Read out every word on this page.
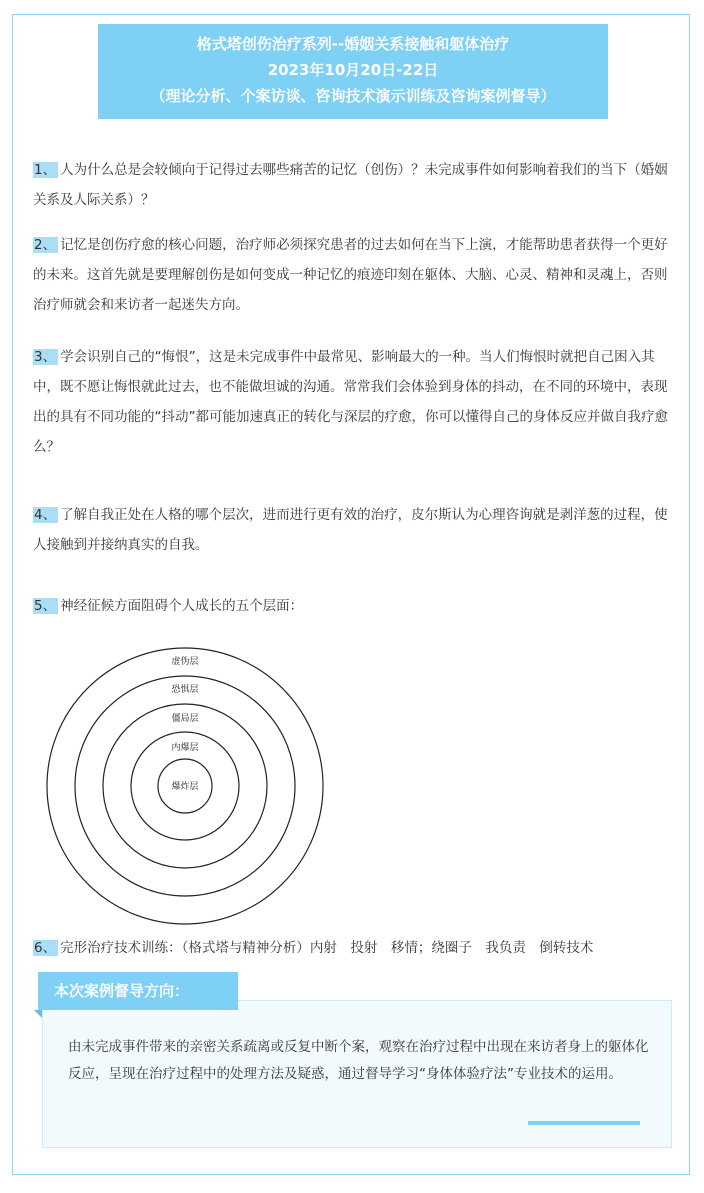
格式塔创伤治疗系列--婚姻关系接触和躯体治疗
2023年10月20日-22日
（理论分析、个案访谈、咨询技术演示训练及咨询案例督导）
1、 人为什么总是会较倾向于记得过去哪些痛苦的记忆（创伤）？未完成事件如何影响着我们的当下（婚姻关系及人际关系）？
2、 记忆是创伤疗愈的核心问题，治疗师必须探究患者的过去如何在当下上演，才能帮助患者获得一个更好的未来。这首先就是要理解创伤是如何变成一种记忆的痕迹印刻在躯体、大脑、心灵、精神和灵魂上，否则治疗师就会和来访者一起迷失方向。
3、 学会识别自己的“悔恨”，这是未完成事件中最常见、影响最大的一种。当人们悔恨时就把自己困入其中，既不愿让悔恨就此过去，也不能做坦诚的沟通。常常我们会体验到身体的抖动，在不同的环境中，表现出的具有不同功能的“抖动”都可能加速真正的转化与深层的疗愈，你可以懂得自己的身体反应并做自我疗愈么？
4、 了解自我正处在人格的哪个层次，进而进行更有效的治疗，皮尔斯认为心理咨询就是剥洋葱的过程，使人接触到并接纳真实的自我。
5、 神经征候方面阻碍个人成长的五个层面：
虚伪层
恐惧层
僵局层
内爆层
爆炸层
6、 完形治疗技术训练：（格式塔与精神分析）内射　投射　移情；绕圈子　我负责　倒转技术
本次案例督导方向：
由未完成事件带来的亲密关系疏离或反复中断个案，观察在治疗过程中出现在来访者身上的躯体化反应，呈现在治疗过程中的处理方法及疑惑，通过督导学习“身体体验疗法”专业技术的运用。
